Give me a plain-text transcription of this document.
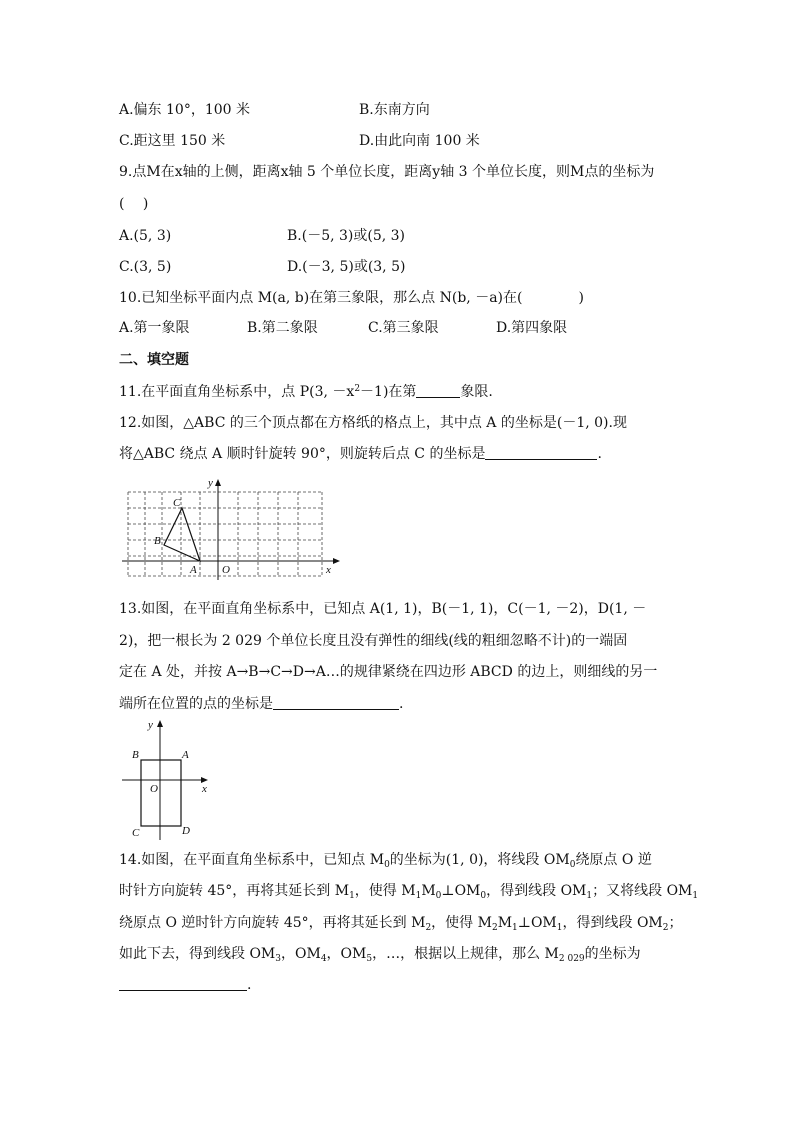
A.偏东 10°，100 米	B.东南方向
C.距这里 150 米	D.由此向南 100 米
9.点M在x轴的上侧，距离x轴 5 个单位长度，距离y轴 3 个单位长度，则M点的坐标为
(　 )
A.(5, 3)	B.(－5, 3)或(5, 3)
C.(3, 5)	D.(－3, 5)或(3, 5)
10.已知坐标平面内点 M(a, b)在第三象限，那么点 N(b, －a)在(　　　　)
A.第一象限	B.第二象限	C.第三象限	D.第四象限
二、填空题
11.在平面直角坐标系中，点 P(3, $-x^2-1$)在第	象限.
12.如图，△ABC 的三个顶点都在方格纸的格点上，其中点 A 的坐标是(－1, 0).现
将△ABC 绕点 A 顺时针旋转 90°，则旋转后点 C 的坐标是	.
y
x
O
A
B
C
13.如图，在平面直角坐标系中，已知点 A(1, 1)，B(－1, 1)，C(－1, －2)，D(1, －
2)，把一根长为 2 029 个单位长度且没有弹性的细线(线的粗细忽略不计)的一端固
定在 A 处，并按 A→B→C→D→A…的规律紧绕在四边形 ABCD 的边上，则细线的另一
端所在位置的点的坐标是	.
y
x
O
A
B
C	D
14.如图，在平面直角坐标系中，已知点 $M_0$的坐标为(1, 0)，将线段 $OM_0$绕原点 O 逆
时针方向旋转 45°，再将其延长到 $M_1$，使得 $M_1M_0\perp OM_0$，得到线段 $OM_1$；又将线段 $OM_1$
绕原点 O 逆时针方向旋转 45°，再将其延长到 $M_2$，使得 $M_2M_1\perp OM_1$，得到线段 $OM_2$；
如此下去，得到线段 $OM_3$，$OM_4$，$OM_5$，…，根据以上规律，那么 $M_{2 029}$的坐标为
.
